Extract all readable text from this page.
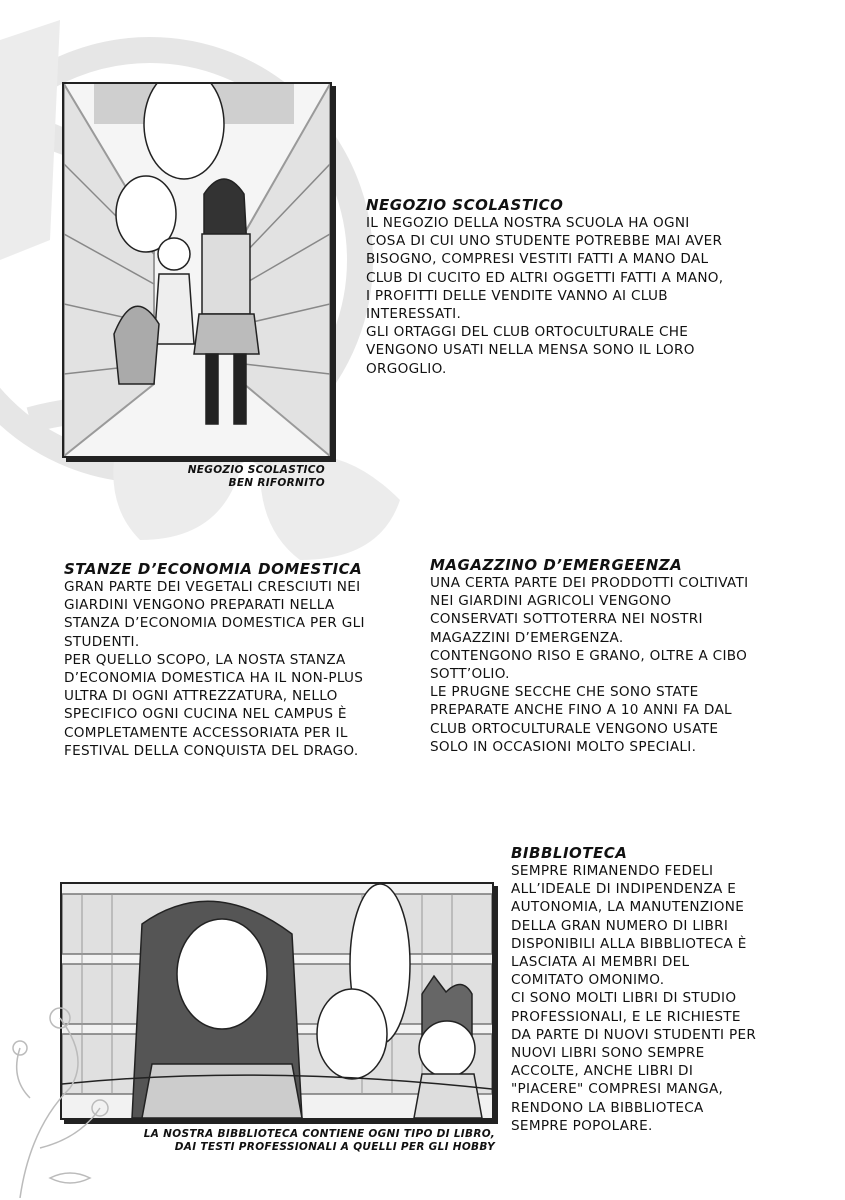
NEGOZIO SCOLASTICO
BEN RIFORNITO
NEGOZIO SCOLASTICO

IL NEGOZIO DELLA NOSTRA SCUOLA HA OGNI
COSA DI CUI UNO STUDENTE POTREBBE MAI AVER
BISOGNO, COMPRESI VESTITI FATTI A MANO DAL
CLUB DI CUCITO ED ALTRI OGGETTI FATTI A MANO,
I PROFITTI DELLE VENDITE VANNO AI CLUB
INTERESSATI.
GLI ORTAGGI DEL CLUB ORTOCULTURALE CHE
VENGONO USATI NELLA MENSA SONO IL LORO
ORGOGLIO.

STANZE D’ECONOMIA DOMESTICA

GRAN PARTE DEI VEGETALI CRESCIUTI NEI
GIARDINI VENGONO PREPARATI NELLA
STANZA D’ECONOMIA DOMESTICA PER GLI
STUDENTI.
PER QUELLO SCOPO, LA NOSTA STANZA
D’ECONOMIA DOMESTICA HA IL NON-PLUS
ULTRA DI OGNI ATTREZZATURA, NELLO
SPECIFICO OGNI CUCINA NEL CAMPUS È
COMPLETAMENTE ACCESSORIATA PER IL
FESTIVAL DELLA CONQUISTA DEL DRAGO.

MAGAZZINO D’EMERGEENZA

UNA CERTA PARTE DEI PRODDOTTI COLTIVATI
NEI GIARDINI AGRICOLI VENGONO
CONSERVATI SOTTOTERRA NEI NOSTRI
MAGAZZINI D’EMERGENZA.
CONTENGONO RISO E GRANO, OLTRE A CIBO
SOTT’OLIO.
LE PRUGNE SECCHE CHE SONO STATE
PREPARATE ANCHE FINO A 10 ANNI FA DAL
CLUB ORTOCULTURALE VENGONO USATE
SOLO IN OCCASIONI MOLTO SPECIALI.

BIBBLIOTECA

SEMPRE RIMANENDO FEDELI
ALL’IDEALE DI INDIPENDENZA E
AUTONOMIA, LA MANUTENZIONE
DELLA GRAN NUMERO DI LIBRI
DISPONIBILI ALLA BIBBLIOTECA È
LASCIATA AI MEMBRI DEL
COMITATO OMONIMO.
CI SONO MOLTI LIBRI DI STUDIO
PROFESSIONALI, E LE RICHIESTE
DA PARTE DI NUOVI STUDENTI PER
NUOVI LIBRI SONO SEMPRE
ACCOLTE, ANCHE LIBRI DI
"PIACERE" COMPRESI MANGA,
RENDONO LA BIBBLIOTECA
SEMPRE POPOLARE.

LA NOSTRA BIBBLIOTECA CONTIENE OGNI TIPO DI LIBRO,
DAI TESTI PROFESSIONALI A QUELLI PER GLI HOBBY
